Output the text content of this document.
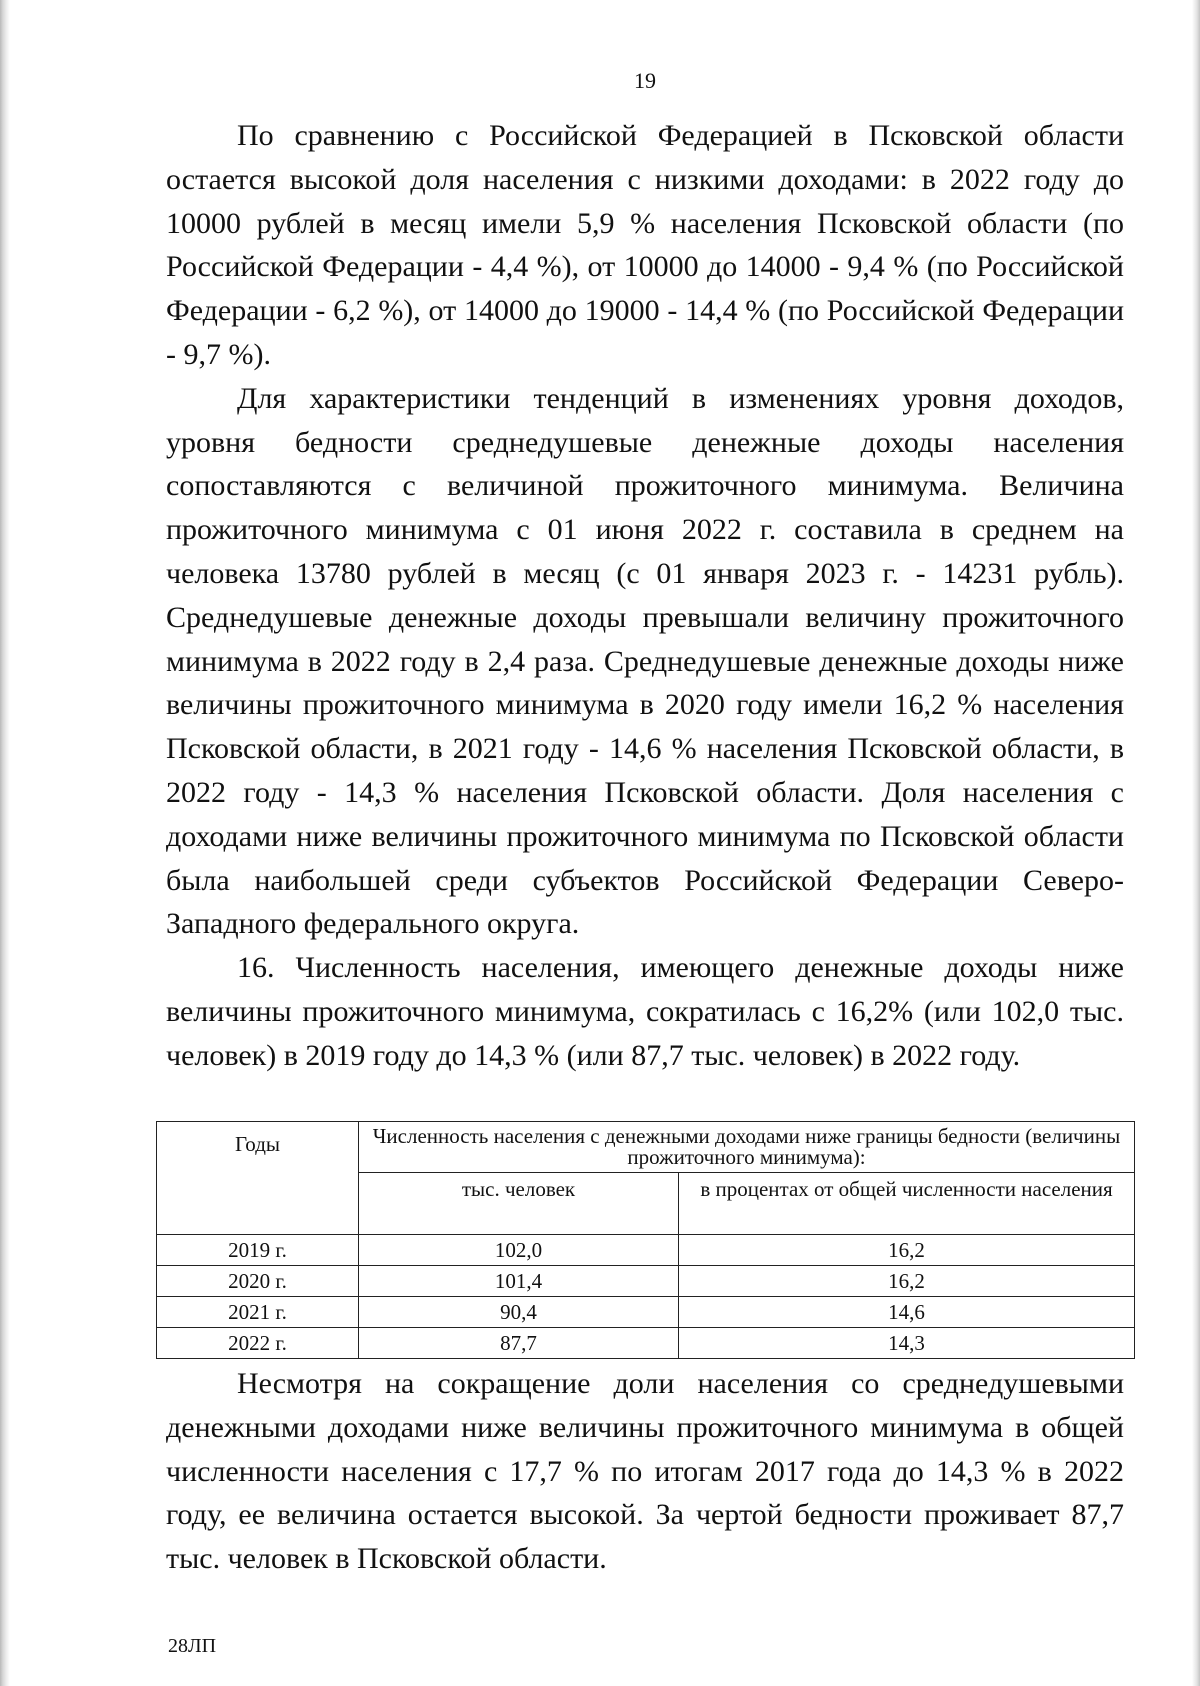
19

По сравнению с Российской Федерацией в Псковской области остается высокой доля населения с низкими доходами: в 2022 году до 10000 рублей в месяц имели 5,9 % населения Псковской области (по Российской Федерации - 4,4 %), от 10000 до 14000 - 9,4 % (по Российской Федерации - 6,2 %), от 14000 до 19000 - 14,4 % (по Российской Федерации - 9,7 %).

Для характеристики тенденций в изменениях уровня доходов, уровня бедности среднедушевые денежные доходы населения сопоставляются с величиной прожиточного минимума. Величина прожиточного минимума с 01 июня 2022 г. составила в среднем на человека 13780 рублей в месяц (с 01 января 2023 г. - 14231 рубль). Среднедушевые денежные доходы превышали величину прожиточного минимума в 2022 году в 2,4 раза. Среднедушевые денежные доходы ниже величины прожиточного минимума в 2020 году имели 16,2 % населения Псковской области, в 2021 году - 14,6 % населения Псковской области, в 2022 году - 14,3 % населения Псковской области. Доля населения с доходами ниже величины прожиточного минимума по Псковской области была наибольшей среди субъектов Российской Федерации Северо-Западного федерального округа.

16. Численность населения, имеющего денежные доходы ниже величины прожиточного минимума, сократилась с 16,2% (или 102,0 тыс. человек) в 2019 году до 14,3 % (или 87,7 тыс. человек) в 2022 году.

Годы	Численность населения с денежными доходами ниже границы бедности (величины прожиточного минимума):	
	тыс. человек	в процентах от общей численности населения
2019 г.	102,0	16,2
2020 г.	101,4	16,2
2021 г.	90,4	14,6
2022 г.	87,7	14,3

Несмотря на сокращение доли населения со среднедушевыми денежными доходами ниже величины прожиточного минимума в общей численности населения с 17,7 % по итогам 2017 года до 14,3 % в 2022 году, ее величина остается высокой. За чертой бедности проживает 87,7 тыс. человек в Псковской области.

28ЛП
